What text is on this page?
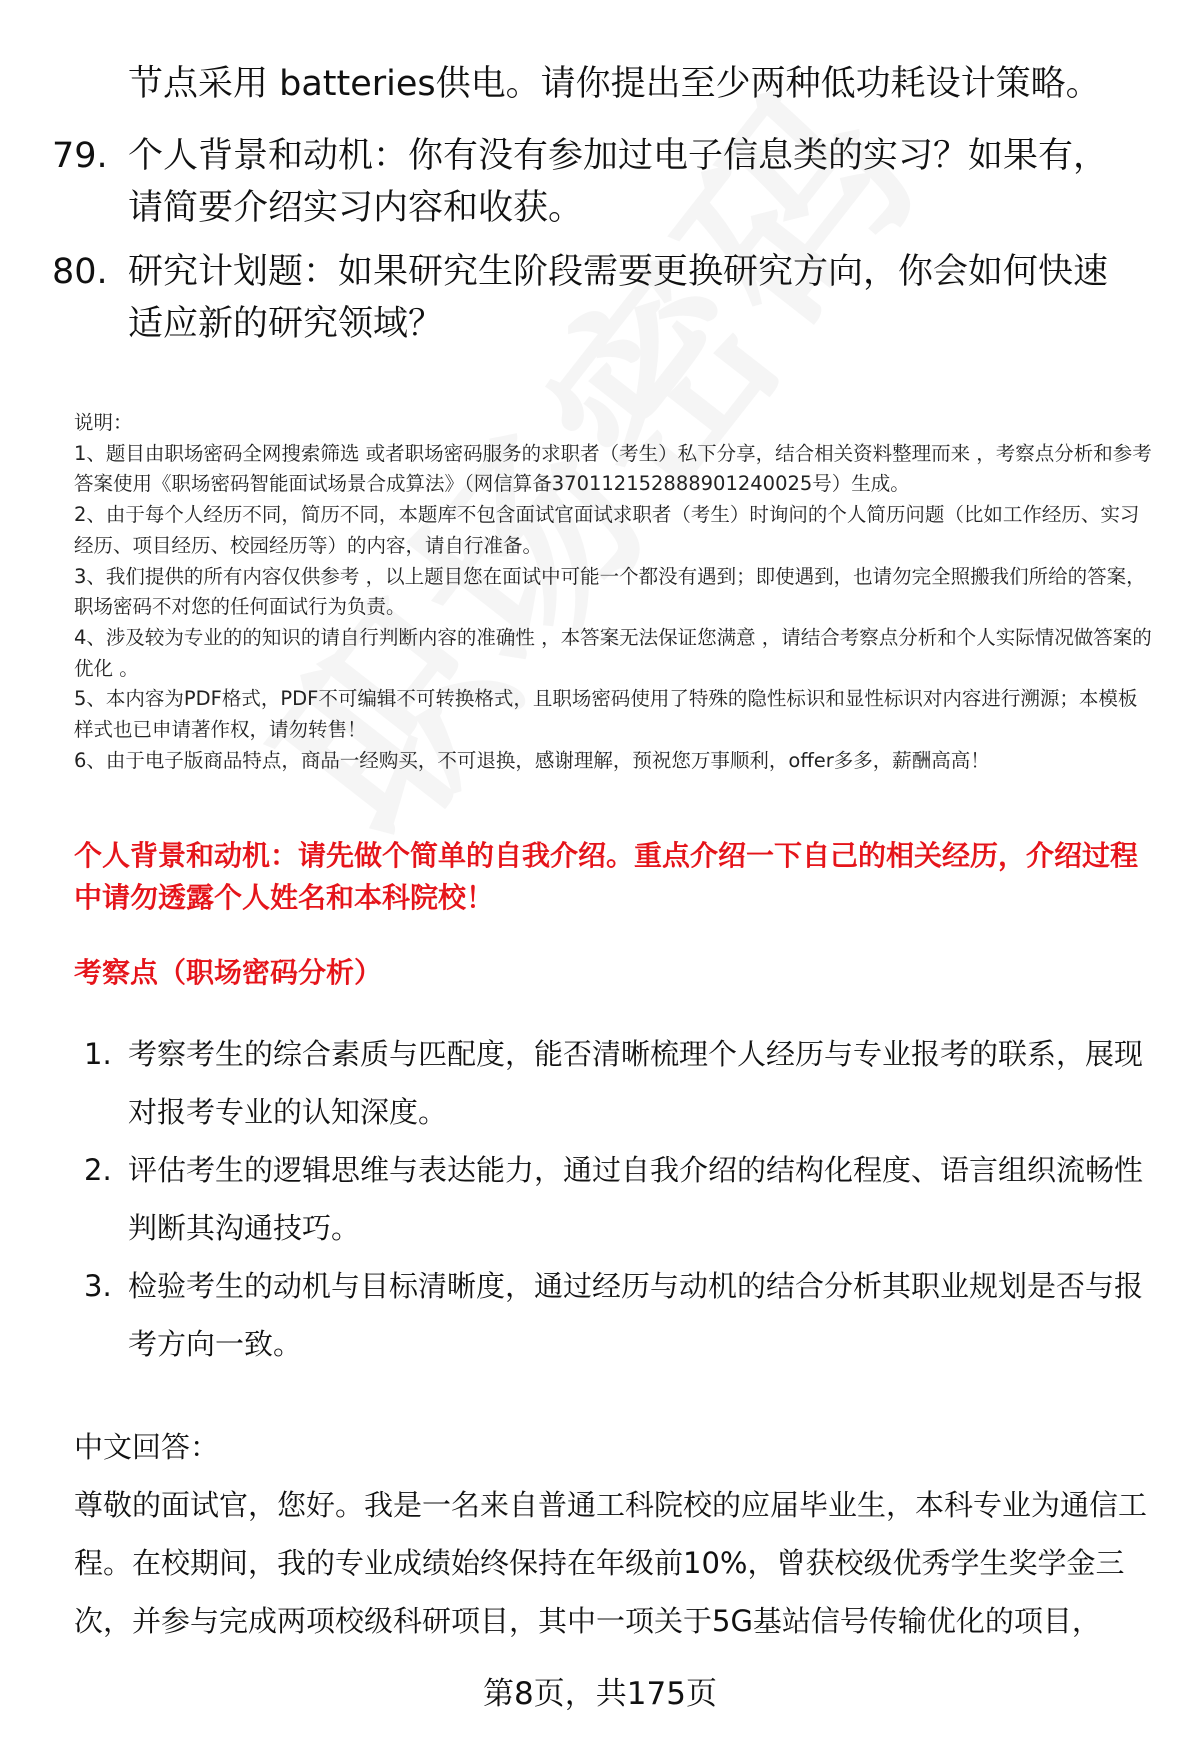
节点采用 batteries供电。请你提出至少两种低功耗设计策略。
79. 个人背景和动机：你有没有参加过电子信息类的实习？如果有，请简要介绍实习内容和收获。
80. 研究计划题：如果研究生阶段需要更换研究方向，你会如何快速适应新的研究领域？
说明：
1、题目由职场密码全网搜索筛选 或者职场密码服务的求职者（考生）私下分享，结合相关资料整理而来 ，考察点分析和参考答案使用《职场密码智能面试场景合成算法》（网信算备370112152888901240025号）生成。
2、由于每个人经历不同，简历不同，本题库不包含面试官面试求职者（考生）时询问的个人简历问题（比如工作经历、实习经历、项目经历、校园经历等）的内容，请自行准备。
3、我们提供的所有内容仅供参考 ，以上题目您在面试中可能一个都没有遇到；即使遇到，也请勿完全照搬我们所给的答案，职场密码不对您的任何面试行为负责。
4、涉及较为专业的的知识的请自行判断内容的准确性 ，本答案无法保证您满意 ，请结合考察点分析和个人实际情况做答案的优化 。
5、本内容为PDF格式，PDF不可编辑不可转换格式，且职场密码使用了特殊的隐性标识和显性标识对内容进行溯源；本模板样式也已申请著作权，请勿转售！
6、由于电子版商品特点，商品一经购买，不可退换，感谢理解，预祝您万事顺利，offer多多，薪酬高高！
个人背景和动机：请先做个简单的自我介绍。重点介绍一下自己的相关经历，介绍过程中请勿透露个人姓名和本科院校！
考察点（职场密码分析）
1. 考察考生的综合素质与匹配度，能否清晰梳理个人经历与专业报考的联系，展现对报考专业的认知深度。
2. 评估考生的逻辑思维与表达能力，通过自我介绍的结构化程度、语言组织流畅性判断其沟通技巧。
3. 检验考生的动机与目标清晰度，通过经历与动机的结合分析其职业规划是否与报考方向一致。
中文回答：
尊敬的面试官，您好。我是一名来自普通工科院校的应届毕业生，本科专业为通信工程。在校期间，我的专业成绩始终保持在年级前10%，曾获校级优秀学生奖学金三次，并参与完成两项校级科研项目，其中一项关于5G基站信号传输优化的项目，
第8页，共175页
